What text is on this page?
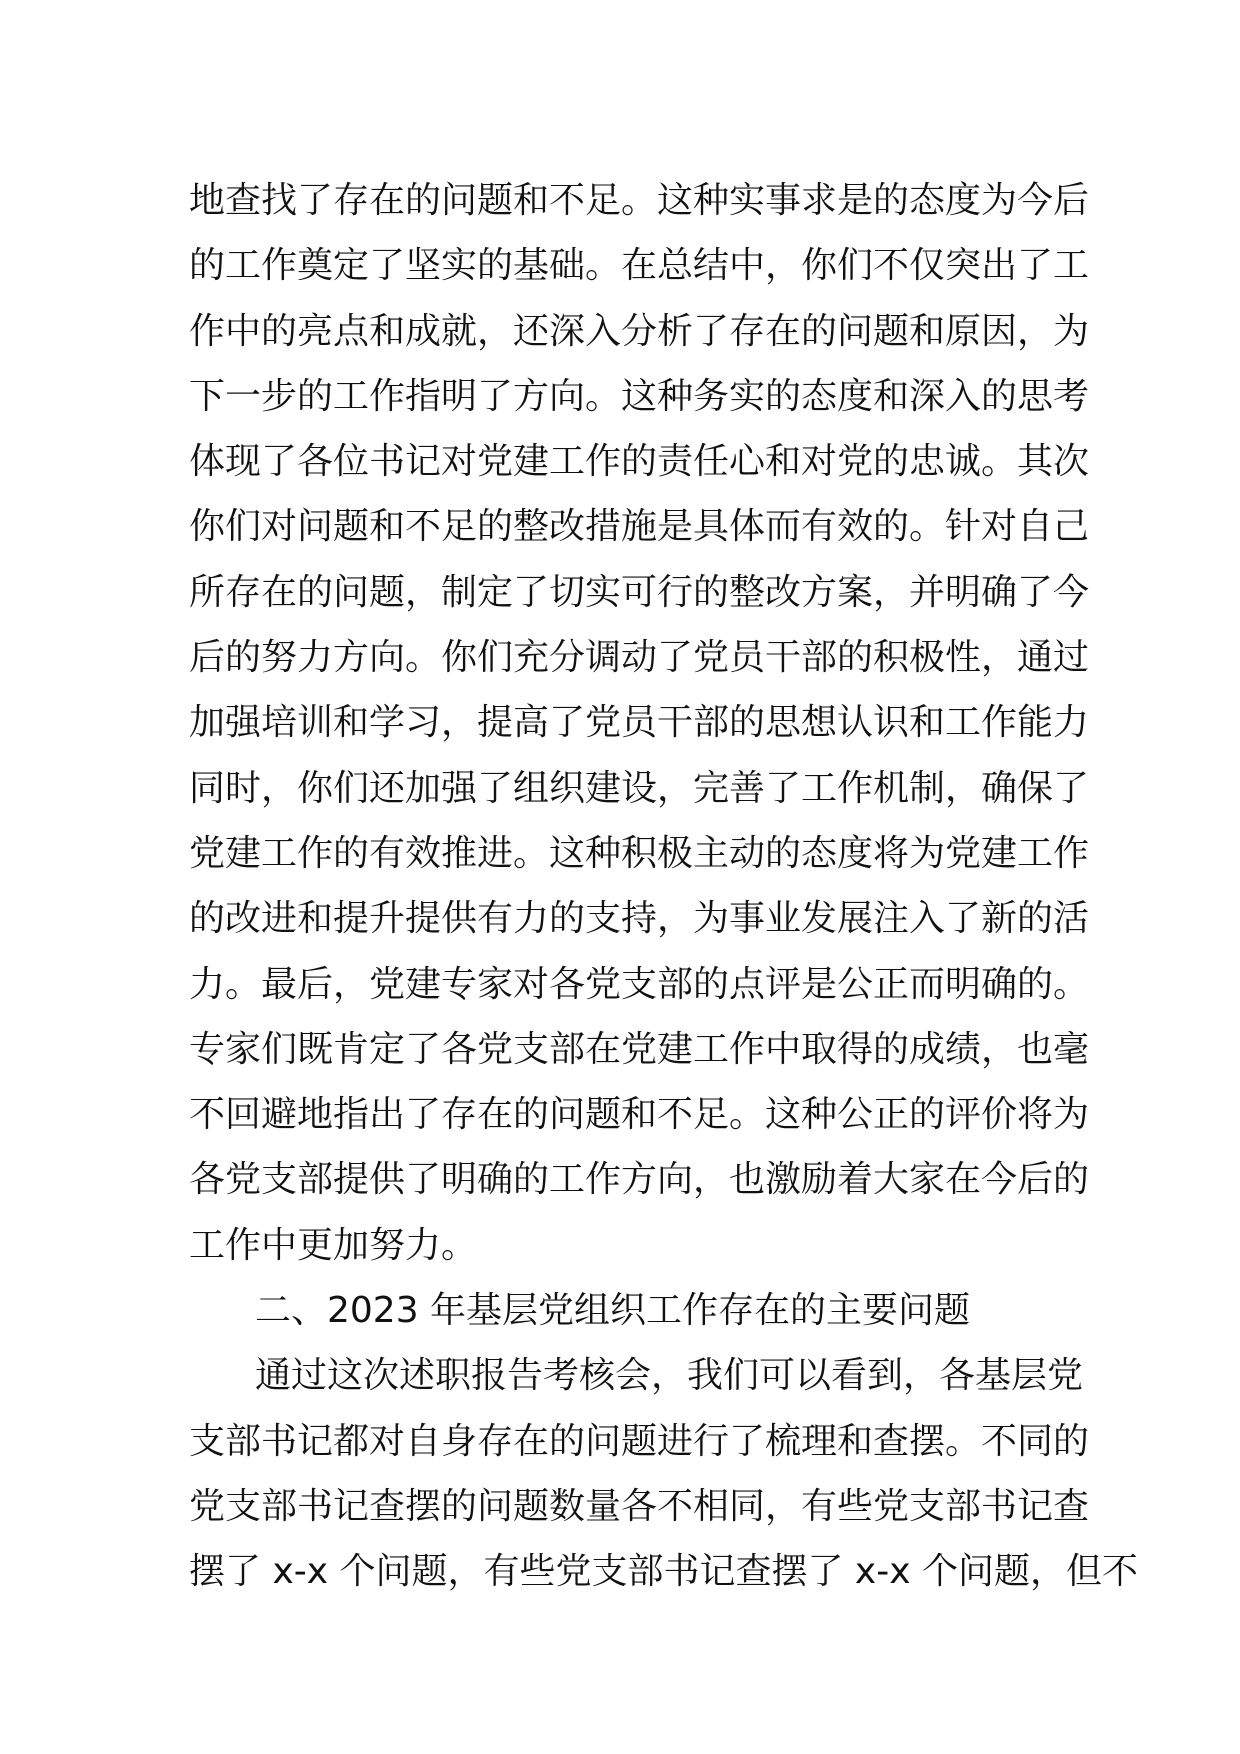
地查找了存在的问题和不足。这种实事求是的态度为今后
的工作奠定了坚实的基础。在总结中，你们不仅突出了工
作中的亮点和成就，还深入分析了存在的问题和原因，为
下一步的工作指明了方向。这种务实的态度和深入的思考
体现了各位书记对党建工作的责任心和对党的忠诚。其次
你们对问题和不足的整改措施是具体而有效的。针对自己
所存在的问题，制定了切实可行的整改方案，并明确了今
后的努力方向。你们充分调动了党员干部的积极性，通过
加强培训和学习，提高了党员干部的思想认识和工作能力
同时，你们还加强了组织建设，完善了工作机制，确保了
党建工作的有效推进。这种积极主动的态度将为党建工作
的改进和提升提供有力的支持，为事业发展注入了新的活
力。最后，党建专家对各党支部的点评是公正而明确的。
专家们既肯定了各党支部在党建工作中取得的成绩，也毫
不回避地指出了存在的问题和不足。这种公正的评价将为
各党支部提供了明确的工作方向，也激励着大家在今后的
工作中更加努力。
二、2023 年基层党组织工作存在的主要问题
通过这次述职报告考核会，我们可以看到，各基层党
支部书记都对自身存在的问题进行了梳理和查摆。不同的
党支部书记查摆的问题数量各不相同，有些党支部书记查
摆了 x-x 个问题，有些党支部书记查摆了 x-x 个问题，但不
